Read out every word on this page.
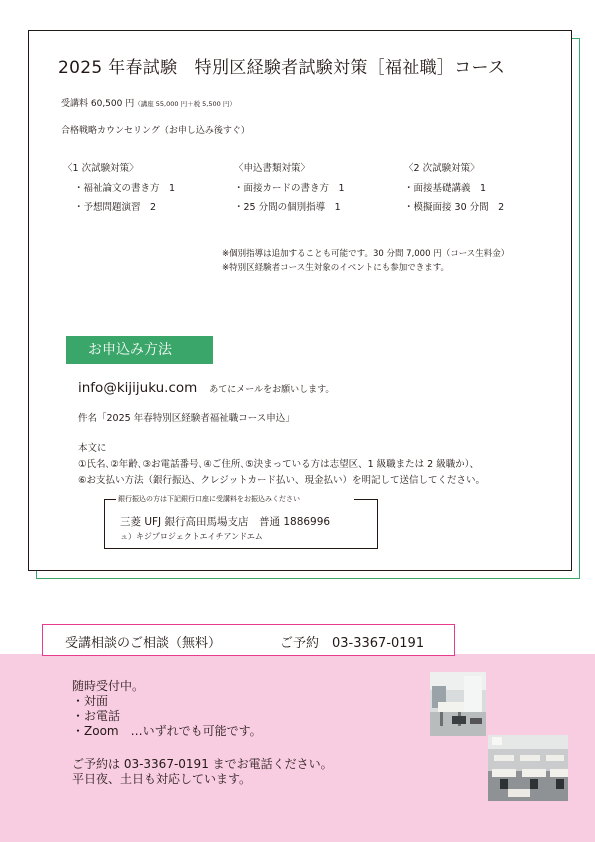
2025 年春試験　特別区経験者試験対策［福祉職］コース
受講料 60,500 円（講座 55,000 円＋税 5,500 円）
合格戦略カウンセリング（お申し込み後すぐ）
〈1 次試験対策〉
・福祉論文の書き方　1
・予想問題演習　2
〈申込書類対策〉
・面接カードの書き方　1
・25 分間の個別指導　1
〈2 次試験対策〉
・面接基礎講義　1
・模擬面接 30 分間　2
※個別指導は追加することも可能です。30 分間 7,000 円（コース生料金）
※特別区経験者コース生対象のイベントにも参加できます。
お申込み方法
info@kijijuku.com あてにメールをお願いします。
件名「2025 年春特別区経験者福祉職コース申込」
本文に
①氏名､②年齢､③お電話番号､④ご住所､⑤決まっている方は志望区、1 級職または 2 級職か）、
⑥お支払い方法（銀行振込、クレジットカード払い、現金払い）を明記して送信してください。
銀行振込の方は下記銀行口座に受講料をお振込みください
三菱 UFJ 銀行高田馬場支店　普通 1886996
ュ）キジプロジェクトエイチアンドエム
受講相談のご相談（無料）	ご予約　03-3367-0191
随時受付中。
・対面
・お電話
・Zoom　…いずれでも可能です。
ご予約は 03-3367-0191 までお電話ください。
平日夜、土日も対応しています。
